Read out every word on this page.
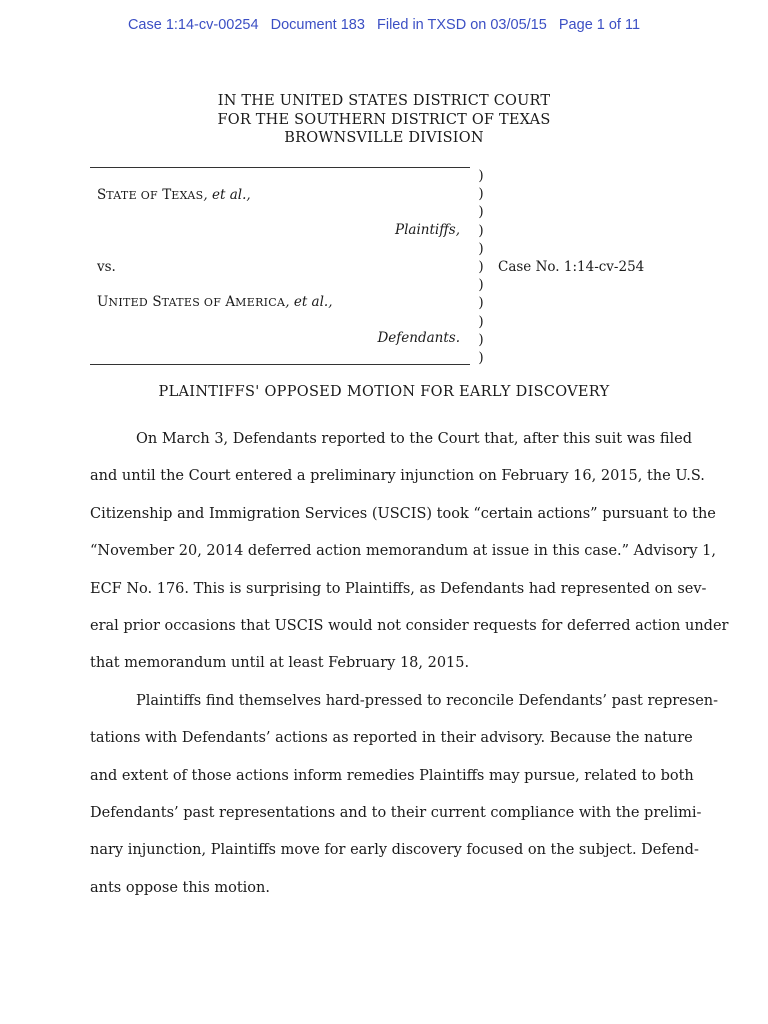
Case 1:14-cv-00254   Document 183   Filed in TXSD on 03/05/15   Page 1 of 11
IN THE UNITED STATES DISTRICT COURT
FOR THE SOUTHERN DISTRICT OF TEXAS
BROWNSVILLE DIVISION
STATE OF TEXAS, et al.,
Plaintiffs,
vs.
UNITED STATES OF AMERICA, et al.,
Defendants.
)
)
)
)
)
)
)
)
)
)
)
Case No. 1:14-cv-254
PLAINTIFFS' OPPOSED MOTION FOR EARLY DISCOVERY
On March 3, Defendants reported to the Court that, after this suit was filed
and until the Court entered a preliminary injunction on February 16, 2015, the U.S.
Citizenship and Immigration Services (USCIS) took “certain actions” pursuant to the
“November 20, 2014 deferred action memorandum at issue in this case.” Advisory 1,
ECF No. 176. This is surprising to Plaintiffs, as Defendants had represented on sev-
eral prior occasions that USCIS would not consider requests for deferred action under
that memorandum until at least February 18, 2015.
Plaintiffs find themselves hard-pressed to reconcile Defendants’ past represen-
tations with Defendants’ actions as reported in their advisory. Because the nature
and extent of those actions inform remedies Plaintiffs may pursue, related to both
Defendants’ past representations and to their current compliance with the prelimi-
nary injunction, Plaintiffs move for early discovery focused on the subject. Defend-
ants oppose this motion.
